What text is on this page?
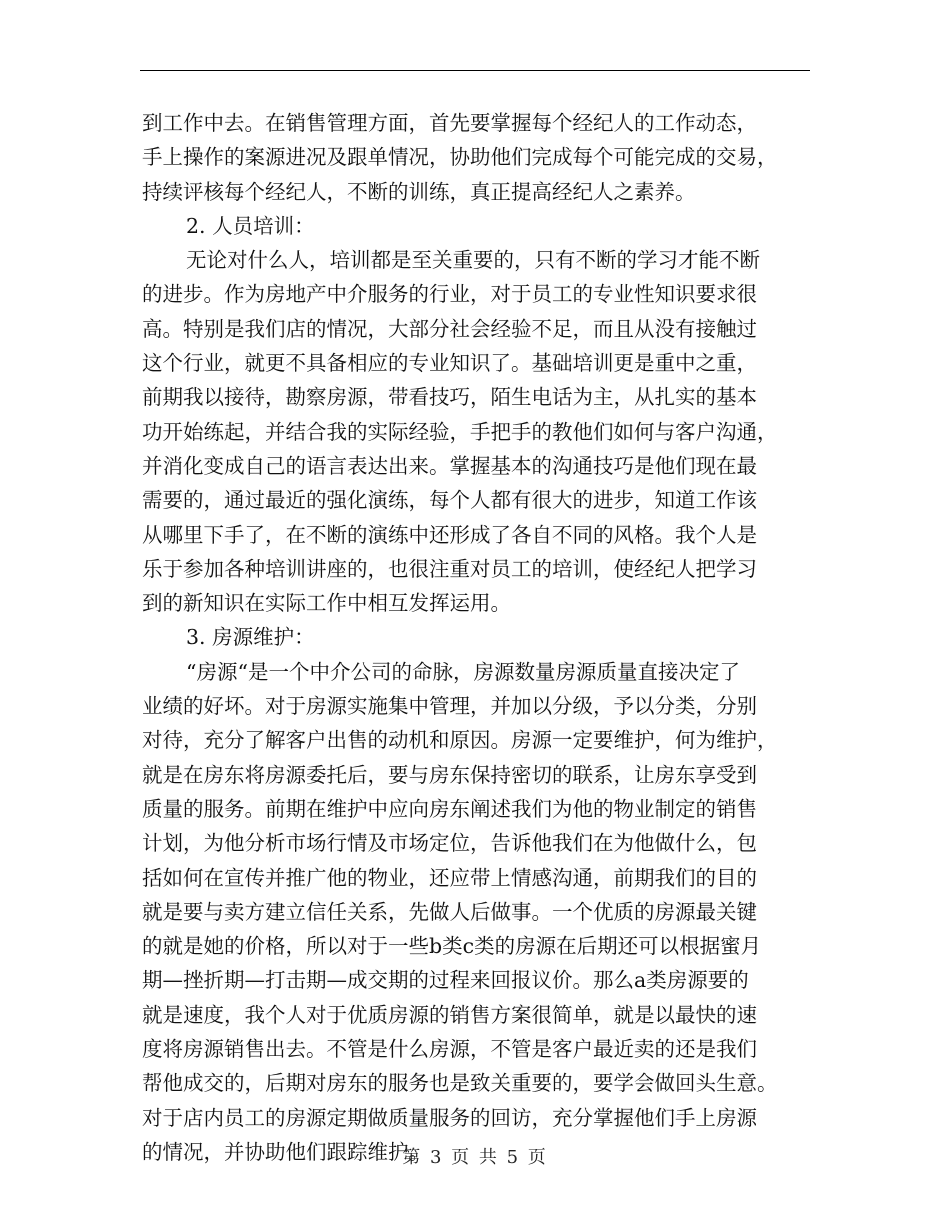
到工作中去。在销售管理方面，首先要掌握每个经纪人的工作动态，

手上操作的案源进况及跟单情况，协助他们完成每个可能完成的交易，

持续评核每个经纪人，不断的训练，真正提高经纪人之素养。

2. 人员培训：

无论对什么人，培训都是至关重要的，只有不断的学习才能不断

的进步。作为房地产中介服务的行业，对于员工的专业性知识要求很

高。特别是我们店的情况，大部分社会经验不足，而且从没有接触过

这个行业，就更不具备相应的专业知识了。基础培训更是重中之重，

前期我以接待，勘察房源，带看技巧，陌生电话为主，从扎实的基本

功开始练起，并结合我的实际经验，手把手的教他们如何与客户沟通，

并消化变成自己的语言表达出来。掌握基本的沟通技巧是他们现在最

需要的，通过最近的强化演练，每个人都有很大的进步，知道工作该

从哪里下手了，在不断的演练中还形成了各自不同的风格。我个人是

乐于参加各种培训讲座的，也很注重对员工的培训，使经纪人把学习

到的新知识在实际工作中相互发挥运用。

3. 房源维护：

“房源“是一个中介公司的命脉，房源数量房源质量直接决定了

业绩的好坏。对于房源实施集中管理，并加以分级，予以分类，分别

对待，充分了解客户出售的动机和原因。房源一定要维护，何为维护，

就是在房东将房源委托后，要与房东保持密切的联系，让房东享受到

质量的服务。前期在维护中应向房东阐述我们为他的物业制定的销售

计划，为他分析市场行情及市场定位，告诉他我们在为他做什么，包

括如何在宣传并推广他的物业，还应带上情感沟通，前期我们的目的

就是要与卖方建立信任关系，先做人后做事。一个优质的房源最关键

的就是她的价格，所以对于一些b类c类的房源在后期还可以根据蜜月

期—挫折期—打击期—成交期的过程来回报议价。那么a类房源要的

就是速度，我个人对于优质房源的销售方案很简单，就是以最快的速

度将房源销售出去。不管是什么房源，不管是客户最近卖的还是我们

帮他成交的，后期对房东的服务也是致关重要的，要学会做回头生意。

对于店内员工的房源定期做质量服务的回访，充分掌握他们手上房源

的情况，并协助他们跟踪维护。

第 3 页 共 5 页
